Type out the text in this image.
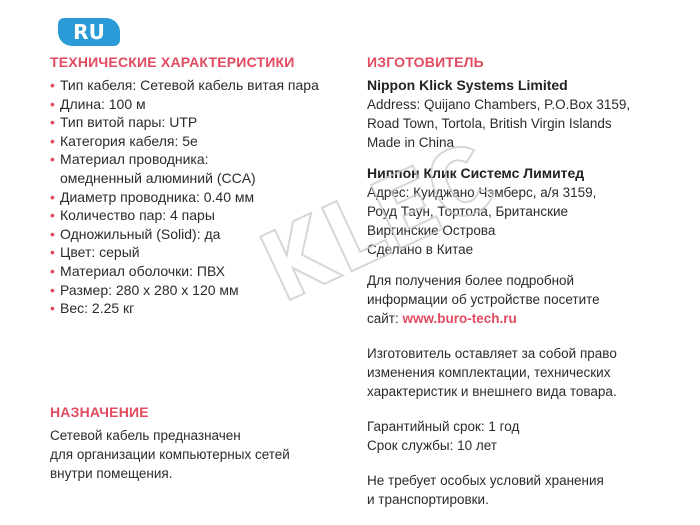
RU
ТЕХНИЧЕСКИЕ ХАРАКТЕРИСТИКИ
• Тип кабеля: Сетевой кабель витая пара
• Длина: 100 м
• Тип витой пары: UTP
• Категория кабеля: 5e
• Материал проводника: омедненный алюминий (CCA)
• Диаметр проводника: 0.40 мм
• Количество пар: 4 пары
• Одножильный (Solid): да
• Цвет: серый
• Материал оболочки: ПВХ
• Размер: 280 х 280 х 120 мм
• Вес: 2.25 кг
НАЗНАЧЕНИЕ

Сетевой кабель предназначен
для организации компьютерных сетей
внутри помещения.

ИЗГОТОВИТЕЛЬ
Nippon Klick Systems Limited
Address: Quijano Chambers, P.O.Box 3159,
Road Town, Tortola, British Virgin Islands
Made in China
Ниппон Клик Системс Лимитед
Адрес: Куиджано Чэмберс, а/я 3159,
Роуд Таун, Тортола, Британские
Виргинские Острова
Сделано в Китае
Для получения более подробной
информации об устройстве посетите
сайт: www.buro-tech.ru
Изготовитель оставляет за собой право
изменения комплектации, технических
характеристик и внешнего вида товара.
Гарантийный срок: 1 год
Срок службы: 10 лет
Не требует особых условий хранения
и транспортировки.
